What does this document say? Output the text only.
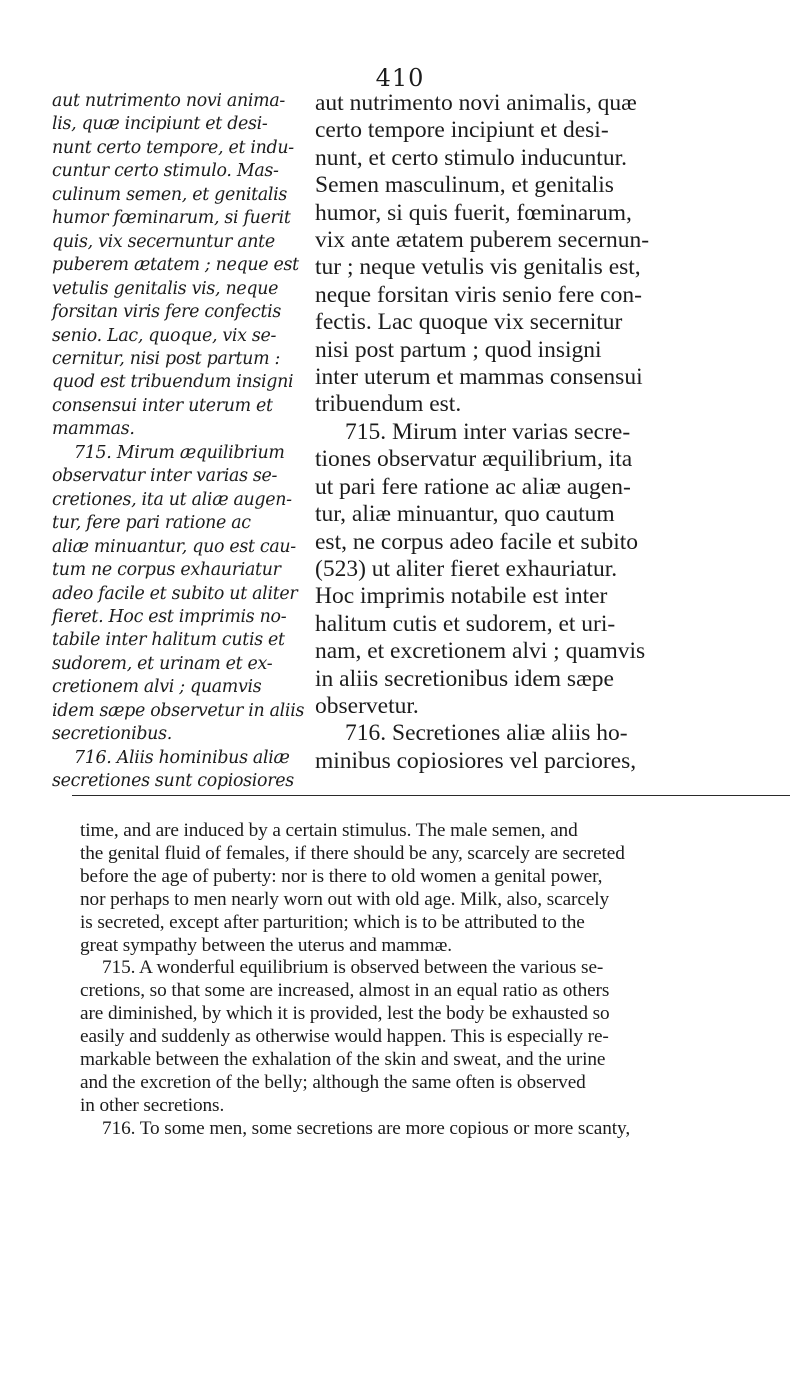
410
aut nutrimento novi anima-
lis, quæ incipiunt et desi-
nunt certo tempore, et indu-
cuntur certo stimulo. Mas-
culinum semen, et genitalis
humor fœminarum, si fuerit
quis, vix secernuntur ante
puberem ætatem ; neque est
vetulis genitalis vis, neque
forsitan viris fere confectis
senio. Lac, quoque, vix se-
cernitur, nisi post partum :
quod est tribuendum insigni
consensui inter uterum et
mammas.
715. Mirum æquilibrium
observatur inter varias se-
cretiones, ita ut aliæ augen-
tur, fere pari ratione ac
aliæ minuantur, quo est cau-
tum ne corpus exhauriatur
adeo facile et subito ut aliter
fieret. Hoc est imprimis no-
tabile inter halitum cutis et
sudorem, et urinam et ex-
cretionem alvi ; quamvis
idem sæpe observetur in aliis
secretionibus.
716. Aliis hominibus aliæ
secretiones sunt copiosiores
aut nutrimento novi animalis, quæ
certo tempore incipiunt et desi-
nunt, et certo stimulo inducuntur.
Semen masculinum, et genitalis
humor, si quis fuerit, fœminarum,
vix ante ætatem puberem secernun-
tur ; neque vetulis vis genitalis est,
neque forsitan viris senio fere con-
fectis. Lac quoque vix secernitur
nisi post partum ; quod insigni
inter uterum et mammas consensui
tribuendum est.
715. Mirum inter varias secre-
tiones observatur æquilibrium, ita
ut pari fere ratione ac aliæ augen-
tur, aliæ minuantur, quo cautum
est, ne corpus adeo facile et subito
(523) ut aliter fieret exhauriatur.
Hoc imprimis notabile est inter
halitum cutis et sudorem, et uri-
nam, et excretionem alvi ; quamvis
in aliis secretionibus idem sæpe
observetur.
716. Secretiones aliæ aliis ho-
minibus copiosiores vel parciores,
time, and are induced by a certain stimulus. The male semen, and
the genital fluid of females, if there should be any, scarcely are secreted
before the age of puberty: nor is there to old women a genital power,
nor perhaps to men nearly worn out with old age. Milk, also, scarcely
is secreted, except after parturition; which is to be attributed to the
great sympathy between the uterus and mammæ.
715. A wonderful equilibrium is observed between the various se-
cretions, so that some are increased, almost in an equal ratio as others
are diminished, by which it is provided, lest the body be exhausted so
easily and suddenly as otherwise would happen. This is especially re-
markable between the exhalation of the skin and sweat, and the urine
and the excretion of the belly; although the same often is observed
in other secretions.
716. To some men, some secretions are more copious or more scanty,
